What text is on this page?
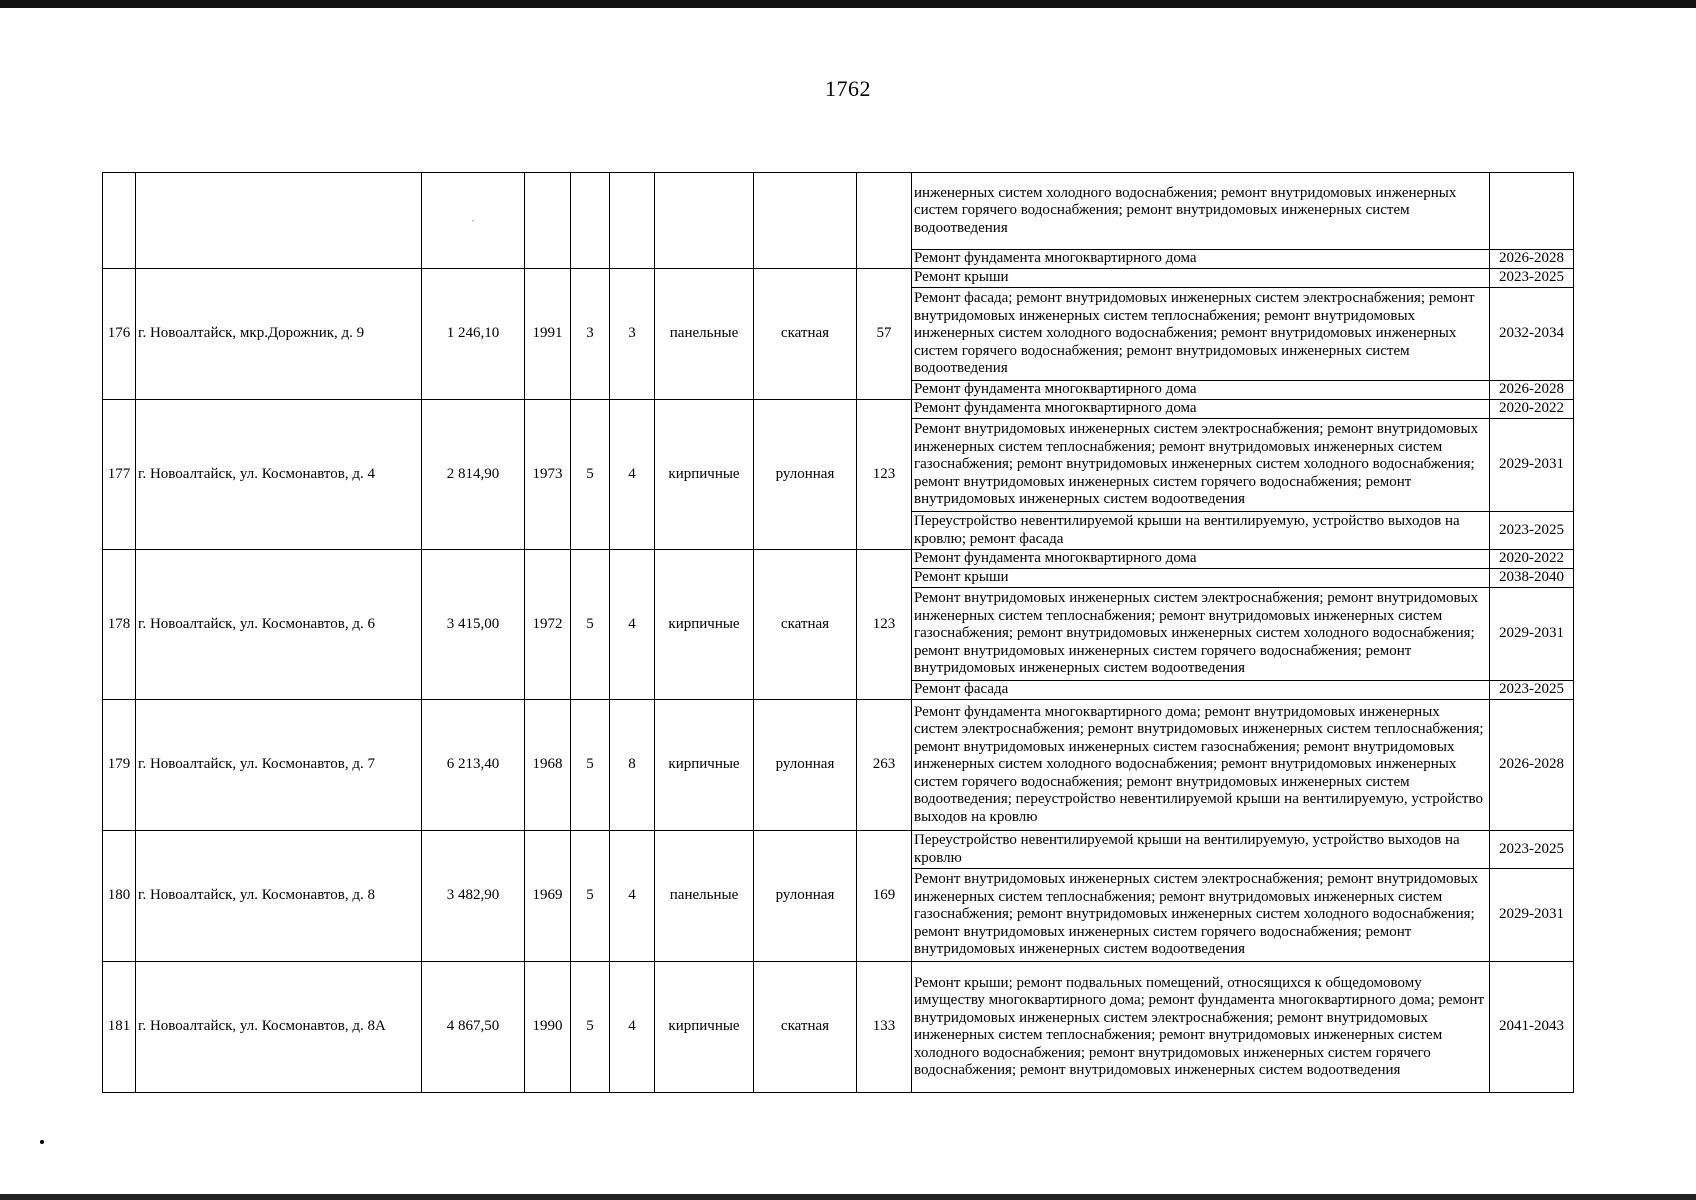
1762
		-							инженерных систем холодного водоснабжения; ремонт внутридомовых инженерных систем горячего водоснабжения; ремонт внутридомовых инженерных систем водоотведения	
									Ремонт фундамента многоквартирного дома	2026-2028
176	г. Новоалтайск, мкр.Дорожник, д. 9	1 246,10	1991	3	3	панельные	скатная	57	Ремонт крыши	2023-2025
									Ремонт фасада; ремонт внутридомовых инженерных систем электроснабжения; ремонт внутридомовых инженерных систем теплоснабжения; ремонт внутридомовых инженерных систем холодного водоснабжения; ремонт внутридомовых инженерных систем горячего водоснабжения; ремонт внутридомовых инженерных систем водоотведения	2032-2034
									Ремонт фундамента многоквартирного дома	2026-2028
177	г. Новоалтайск, ул. Космонавтов, д. 4	2 814,90	1973	5	4	кирпичные	рулонная	123	Ремонт фундамента многоквартирного дома	2020-2022
									Ремонт внутридомовых инженерных систем электроснабжения; ремонт внутридомовых инженерных систем теплоснабжения; ремонт внутридомовых инженерных систем газоснабжения; ремонт внутридомовых инженерных систем холодного водоснабжения; ремонт внутридомовых инженерных систем горячего водоснабжения; ремонт внутридомовых инженерных систем водоотведения	2029-2031
									Переустройство невентилируемой крыши на вентилируемую, устройство выходов на кровлю; ремонт фасада	2023-2025
178	г. Новоалтайск, ул. Космонавтов, д. 6	3 415,00	1972	5	4	кирпичные	скатная	123	Ремонт фундамента многоквартирного дома	2020-2022
									Ремонт крыши	2038-2040
									Ремонт внутридомовых инженерных систем электроснабжения; ремонт внутридомовых инженерных систем теплоснабжения; ремонт внутридомовых инженерных систем газоснабжения; ремонт внутридомовых инженерных систем холодного водоснабжения; ремонт внутридомовых инженерных систем горячего водоснабжения; ремонт внутридомовых инженерных систем водоотведения	2029-2031
									Ремонт фасада	2023-2025
179	г. Новоалтайск, ул. Космонавтов, д. 7	6 213,40	1968	5	8	кирпичные	рулонная	263	Ремонт фундамента многоквартирного дома; ремонт внутридомовых инженерных систем электроснабжения; ремонт внутридомовых инженерных систем теплоснабжения; ремонт внутридомовых инженерных систем газоснабжения; ремонт внутридомовых инженерных систем холодного водоснабжения; ремонт внутридомовых инженерных систем горячего водоснабжения; ремонт внутридомовых инженерных систем водоотведения; переустройство невентилируемой крыши на вентилируемую, устройство выходов на кровлю	2026-2028
180	г. Новоалтайск, ул. Космонавтов, д. 8	3 482,90	1969	5	4	панельные	рулонная	169	Переустройство невентилируемой крыши на вентилируемую, устройство выходов на кровлю	2023-2025
									Ремонт внутридомовых инженерных систем электроснабжения; ремонт внутридомовых инженерных систем теплоснабжения; ремонт внутридомовых инженерных систем газоснабжения; ремонт внутридомовых инженерных систем холодного водоснабжения; ремонт внутридомовых инженерных систем горячего водоснабжения; ремонт внутридомовых инженерных систем водоотведения	2029-2031
181	г. Новоалтайск, ул. Космонавтов, д. 8А	4 867,50	1990	5	4	кирпичные	скатная	133	Ремонт крыши; ремонт подвальных помещений, относящихся к общедомовому имуществу многоквартирного дома; ремонт фундамента многоквартирного дома; ремонт внутридомовых инженерных систем электроснабжения; ремонт внутридомовых инженерных систем теплоснабжения; ремонт внутридомовых инженерных систем холодного водоснабжения; ремонт внутридомовых инженерных систем горячего водоснабжения; ремонт внутридомовых инженерных систем водоотведения	2041-2043
